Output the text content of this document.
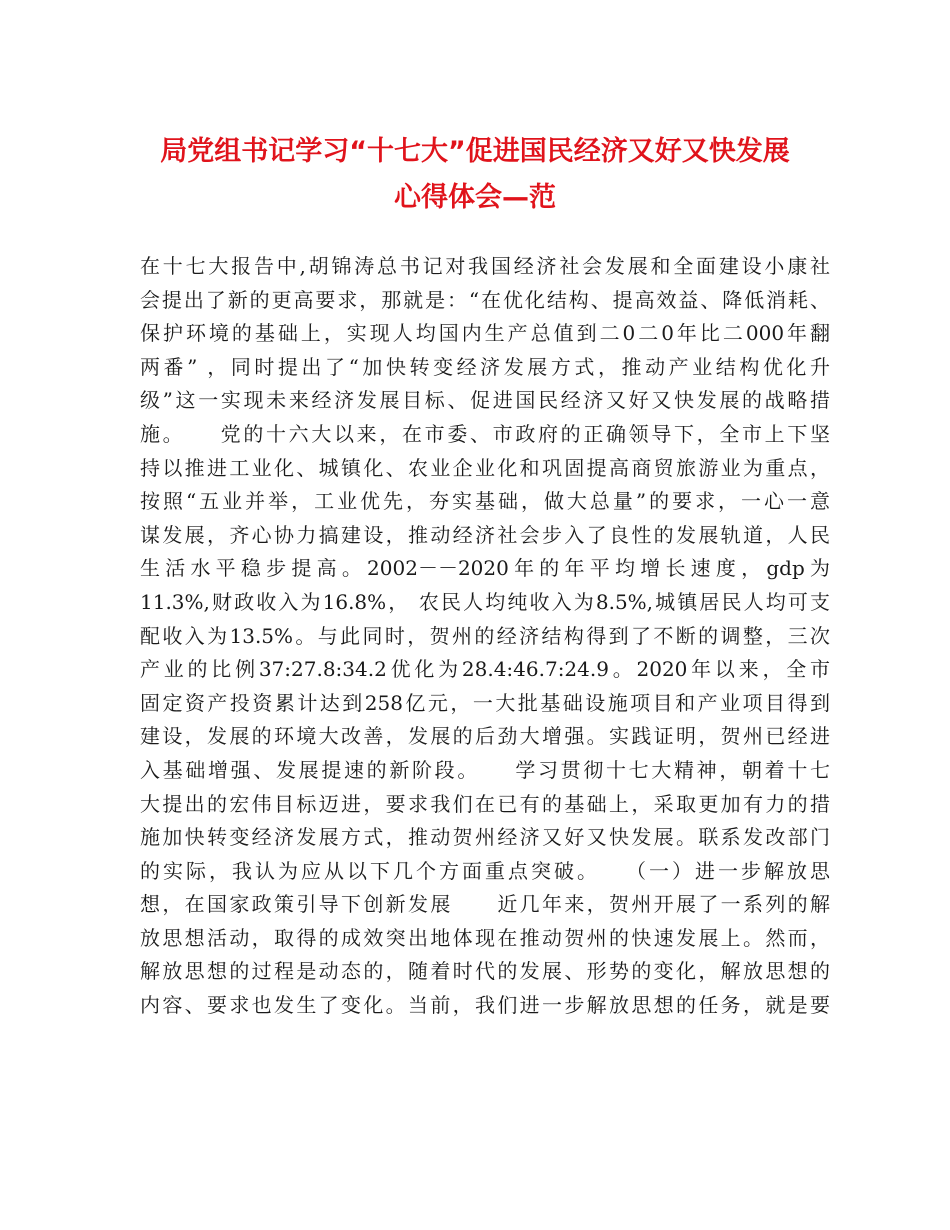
局党组书记学习“十七大”促进国民经济又好又快发展
心得体会—范
在十七大报告中,胡锦涛总书记对我国经济社会发展和全面建设小康社
会提出了新的更高要求，那就是：“在优化结构、提高效益、降低消耗、
保护环境的基础上，实现人均国内生产总值到二0二0年比二000年翻
两番” ，同时提出了“加快转变经济发展方式，推动产业结构优化升
级”这一实现未来经济发展目标、促进国民经济又好又快发展的战略措
施。　　党的十六大以来，在市委、市政府的正确领导下，全市上下坚
持以推进工业化、城镇化、农业企业化和巩固提高商贸旅游业为重点，
按照“五业并举，工业优先，夯实基础，做大总量”的要求，一心一意
谋发展，齐心协力搞建设，推动经济社会步入了良性的发展轨道，人民
生活水平稳步提高。2002－－2020年的年平均增长速度，gdp为
11.3%,财政收入为16.8%， 农民人均纯收入为8.5%,城镇居民人均可支
配收入为13.5%。与此同时，贺州的经济结构得到了不断的调整，三次
产业的比例37:27.8:34.2优化为28.4:46.7:24.9。2020年以来，全市
固定资产投资累计达到258亿元，一大批基础设施项目和产业项目得到
建设，发展的环境大改善，发展的后劲大增强。实践证明，贺州已经进
入基础增强、发展提速的新阶段。　　学习贯彻十七大精神，朝着十七
大提出的宏伟目标迈进，要求我们在已有的基础上，采取更加有力的措
施加快转变经济发展方式，推动贺州经济又好又快发展。联系发改部门
的实际，我认为应从以下几个方面重点突破。　　（一）进一步解放思
想，在国家政策引导下创新发展　　近几年来，贺州开展了一系列的解
放思想活动，取得的成效突出地体现在推动贺州的快速发展上。然而，
解放思想的过程是动态的，随着时代的发展、形势的变化，解放思想的
内容、要求也发生了变化。当前，我们进一步解放思想的任务，就是要
